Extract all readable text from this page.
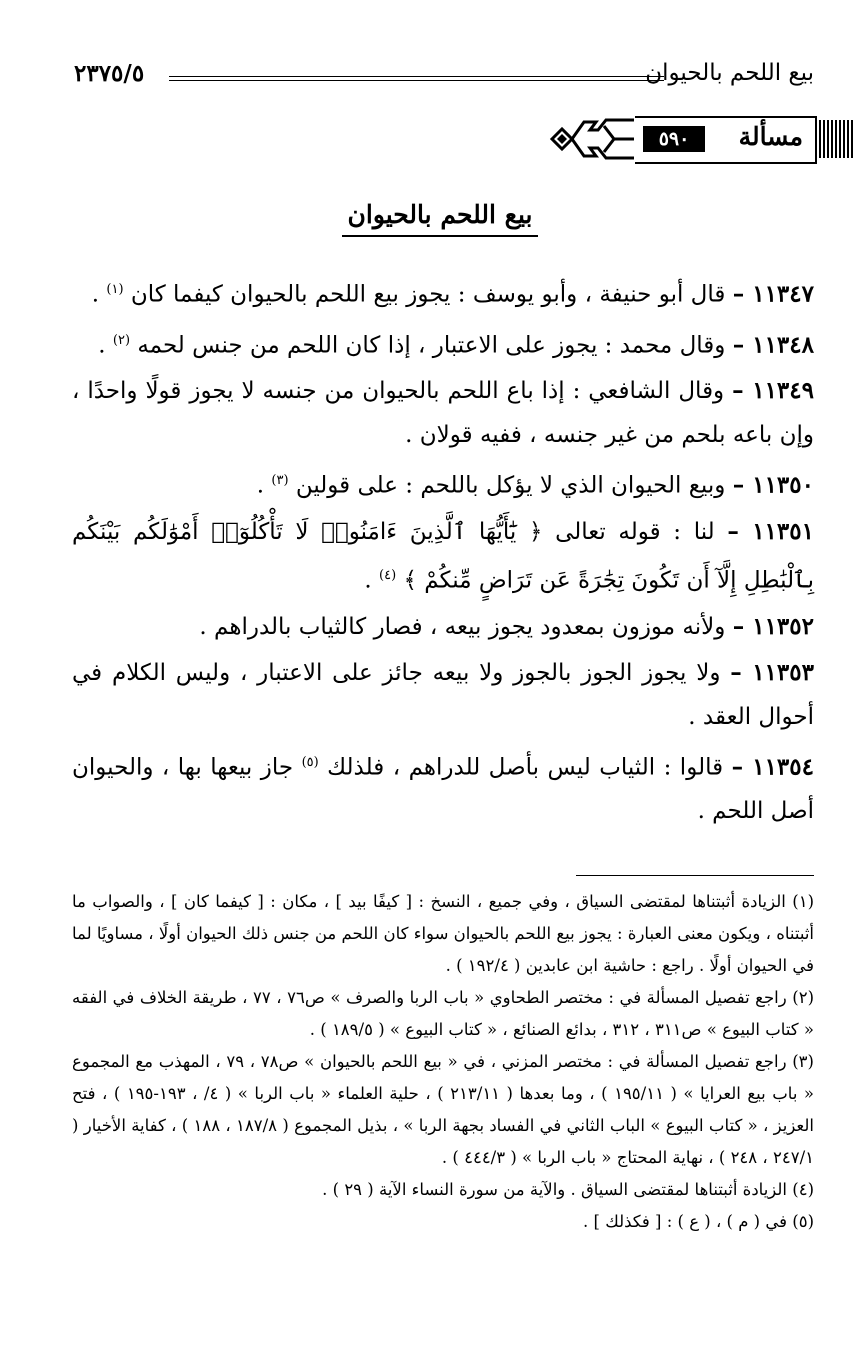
بيع اللحم بالحيوان
٢٣٧٥/٥
مسألة
٥٩٠
بيع اللحم بالحيوان

١١٣٤٧ – قال أبو حنيفة ، وأبو يوسف : يجوز بيع اللحم بالحيوان كيفما كان $^{(١)}$ .

١١٣٤٨ – وقال محمد : يجوز على الاعتبار ، إذا كان اللحم من جنس لحمه $^{(٢)}$ .

١١٣٤٩ – وقال الشافعي : إذا باع اللحم بالحيوان من جنسه لا يجوز قولًا واحدًا ، وإن باعه بلحم من غير جنسه ، ففيه قولان .

١١٣٥٠ – وبيع الحيوان الذي لا يؤكل باللحم : على قولين $^{(٣)}$ .

١١٣٥١ – لنا : قوله تعالى ﴿ يَٰٓأَيُّهَا ٱلَّذِينَ ءَامَنُوا۟ لَا تَأْكُلُوٓا۟ أَمْوَٰلَكُم بَيْنَكُم بِٱلْبَٰطِلِ إِلَّآ أَن تَكُونَ تِجَٰرَةً عَن تَرَاضٍ مِّنكُمْ ﴾ $^{(٤)}$ .

١١٣٥٢ – ولأنه موزون بمعدود يجوز بيعه ، فصار كالثياب بالدراهم .

١١٣٥٣ – ولا يجوز الجوز بالجوز ولا بيعه جائز على الاعتبار ، وليس الكلام في أحوال العقد .

١١٣٥٤ – قالوا : الثياب ليس بأصل للدراهم ، فلذلك $^{(٥)}$ جاز بيعها بها ، والحيوان أصل اللحم .

(١) الزيادة أثبتناها لمقتضى السياق ، وفي جميع ، النسخ : [ كيفًا بيد ] ، مكان : [ كيفما كان ] ، والصواب ما أثبتناه ، ويكون معنى العبارة : يجوز بيع اللحم بالحيوان سواء كان اللحم من جنس ذلك الحيوان أولًا ، مساويًا لما في الحيوان أولًا . راجع : حاشية ابن عابدين ( ١٩٢/٤ ) .

(٢) راجع تفصيل المسألة في : مختصر الطحاوي « باب الربا والصرف » ص٧٦ ، ٧٧ ، طريقة الخلاف في الفقه « كتاب البيوع » ص٣١١ ، ٣١٢ ، بدائع الصنائع ، « كتاب البيوع » ( ١٨٩/٥ ) .

(٣) راجع تفصيل المسألة في : مختصر المزني ، في « بيع اللحم بالحيوان » ص٧٨ ، ٧٩ ، المهذب مع المجموع « باب بيع العرايا » ( ١٩٥/١١ ) ، وما بعدها ( ٢١٣/١١ ) ، حلية العلماء « باب الربا » ( ٤/ ، ١٩٣-١٩٥ ) ، فتح العزيز ، « كتاب البيوع » الباب الثاني في الفساد بجهة الربا » ، بذيل المجموع ( ١٨٧/٨ ، ١٨٨ ) ، كفاية الأخيار ( ٢٤٧/١ ، ٢٤٨ ) ، نهاية المحتاج « باب الربا » ( ٤٤٤/٣ ) .

(٤) الزيادة أثبتناها لمقتضى السياق . والآية من سورة النساء الآية ( ٢٩ ) .

(٥) في ( م ) ، ( ع ) : [ فكذلك ] .
